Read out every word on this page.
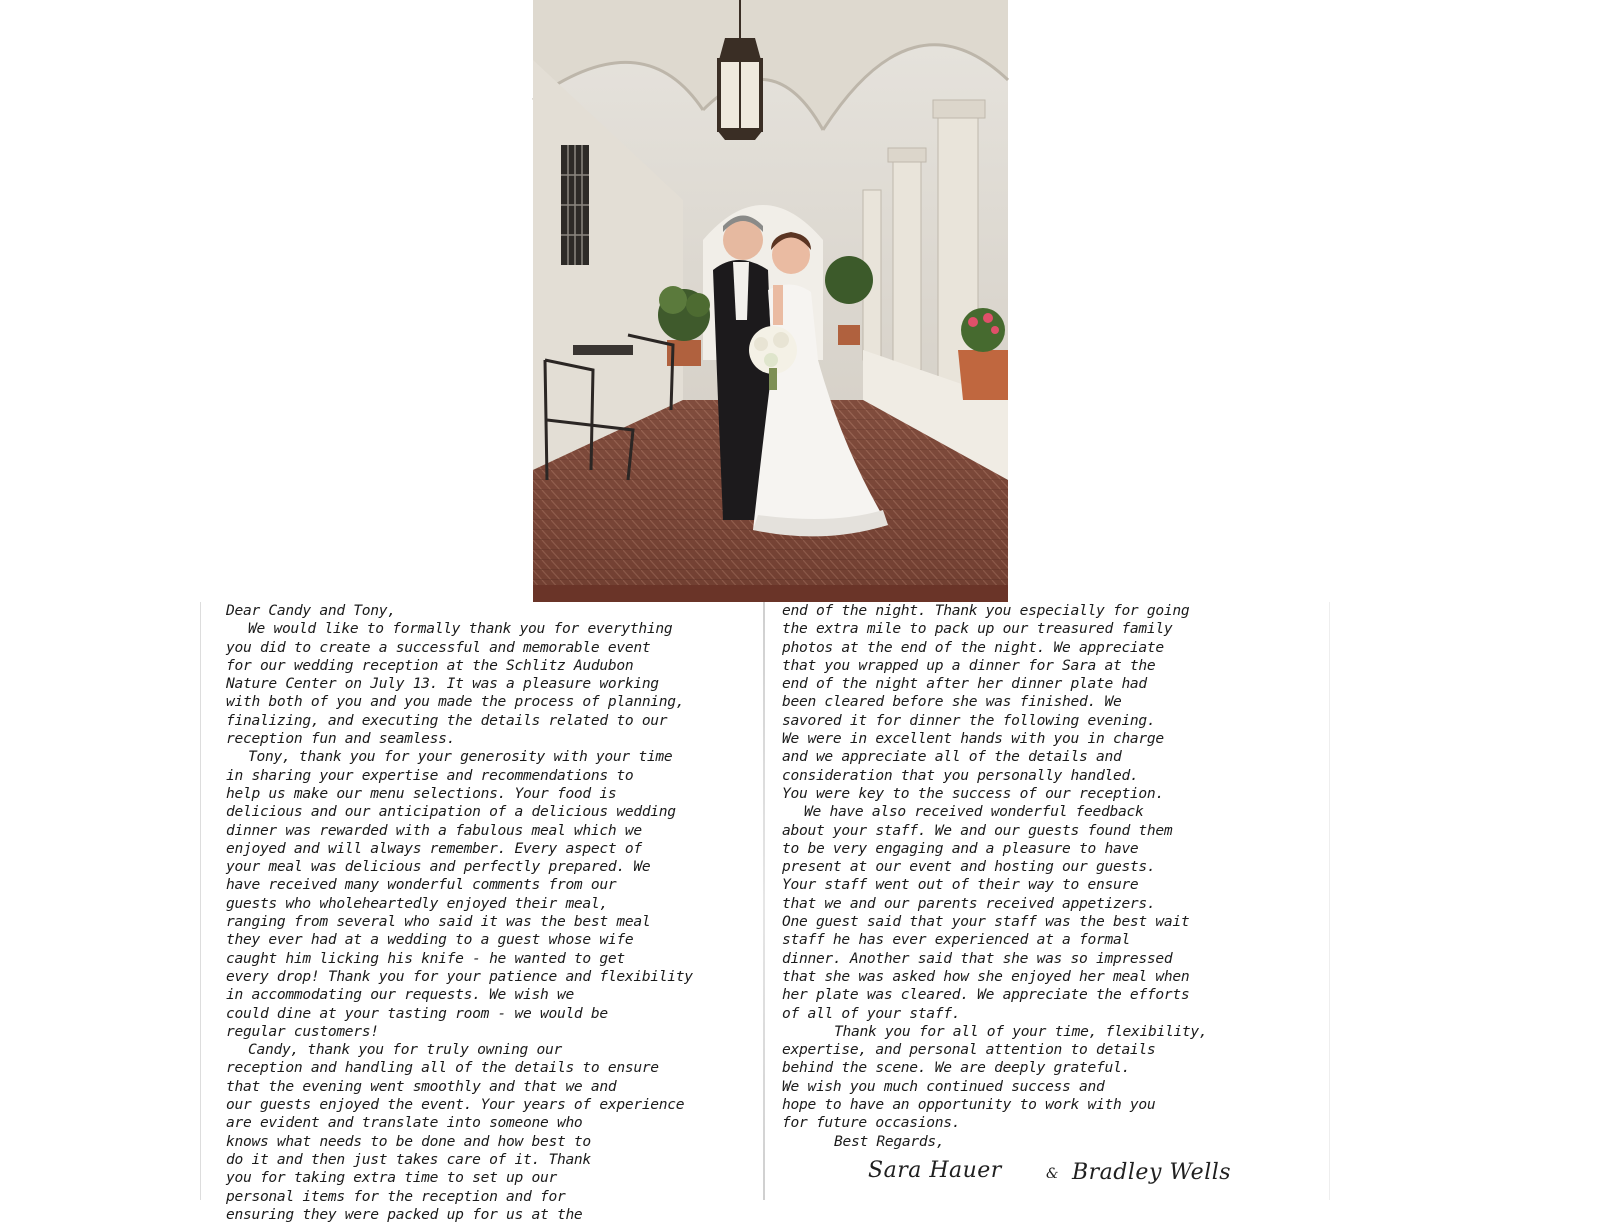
Dear Candy and Tony,
We would like to formally thank you for everything
you did to create a successful and memorable event
for our wedding reception at the Schlitz Audubon
Nature Center on July 13. It was a pleasure working
with both of you and you made the process of planning,
finalizing, and executing the details related to our
reception fun and seamless.
Tony, thank you for your generosity with your time
in sharing your expertise and recommendations to
help us make our menu selections. Your food is
delicious and our anticipation of a delicious wedding
dinner was rewarded with a fabulous meal which we
enjoyed and will always remember. Every aspect of
your meal was delicious and perfectly prepared. We
have received many wonderful comments from our
guests who wholeheartedly enjoyed their meal,
ranging from several who said it was the best meal
they ever had at a wedding to a guest whose wife
caught him licking his knife - he wanted to get
every drop! Thank you for your patience and flexibility
in accommodating our requests. We wish we
could dine at your tasting room - we would be
regular customers!
Candy, thank you for truly owning our
reception and handling all of the details to ensure
that the evening went smoothly and that we and
our guests enjoyed the event. Your years of experience
are evident and translate into someone who
knows what needs to be done and how best to
do it and then just takes care of it. Thank
you for taking extra time to set up our
personal items for the reception and for
ensuring they were packed up for us at the
end of the night. Thank you especially for going
the extra mile to pack up our treasured family
photos at the end of the night. We appreciate
that you wrapped up a dinner for Sara at the
end of the night after her dinner plate had
been cleared before she was finished. We
savored it for dinner the following evening.
We were in excellent hands with you in charge
and we appreciate all of the details and
consideration that you personally handled.
You were key to the success of our reception.
We have also received wonderful feedback
about your staff. We and our guests found them
to be very engaging and a pleasure to have
present at our event and hosting our guests.
Your staff went out of their way to ensure
that we and our parents received appetizers.
One guest said that your staff was the best wait
staff he has ever experienced at a formal
dinner. Another said that she was so impressed
that she was asked how she enjoyed her meal when
her plate was cleared. We appreciate the efforts
of all of your staff.
Thank you for all of your time, flexibility,
expertise, and personal attention to details
behind the scene. We are deeply grateful.
We wish you much continued success and
hope to have an opportunity to work with you
for future occasions.
Best Regards,
Sara Hauer	& Bradley Wells
